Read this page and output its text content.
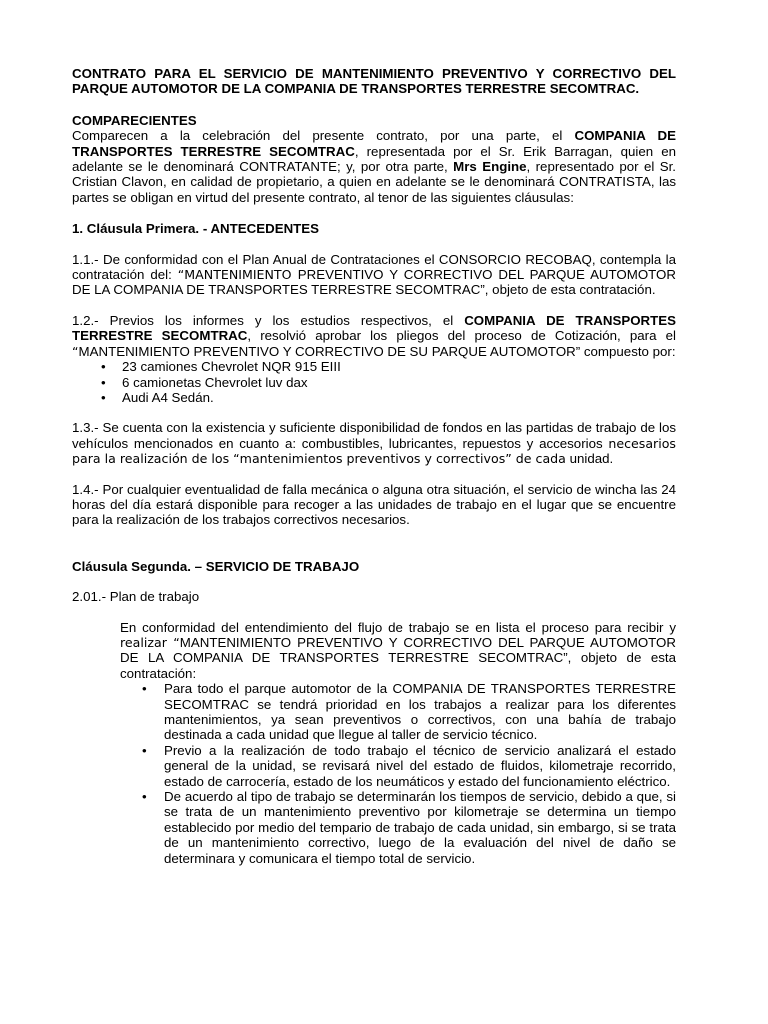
CONTRATO PARA EL SERVICIO DE MANTENIMIENTO PREVENTIVO Y CORRECTIVO DEL PARQUE AUTOMOTOR DE LA COMPANIA DE TRANSPORTES TERRESTRE SECOMTRAC.

COMPARECIENTES

Comparecen a la celebración del presente contrato, por una parte, el COMPANIA DE TRANSPORTES TERRESTRE SECOMTRAC, representada por el Sr. Erik Barragan, quien en adelante se le denominará CONTRATANTE; y, por otra parte, Mrs Engine, representado por el Sr. Cristian Clavon, en calidad de propietario, a quien en adelante se le denominará CONTRATISTA, las partes se obligan en virtud del presente contrato, al tenor de las siguientes cláusulas:

1. Cláusula Primera. - ANTECEDENTES

1.1.- De conformidad con el Plan Anual de Contrataciones el CONSORCIO RECOBAQ, contempla la contratación del: “MANTENIMIENTO PREVENTIVO Y CORRECTIVO DEL PARQUE AUTOMOTOR DE LA COMPANIA DE TRANSPORTES TERRESTRE SECOMTRAC”, objeto de esta contratación.

1.2.- Previos los informes y los estudios respectivos, el COMPANIA DE TRANSPORTES TERRESTRE SECOMTRAC, resolvió aprobar los pliegos del proceso de Cotización, para el “MANTENIMIENTO PREVENTIVO Y CORRECTIVO DE SU PARQUE AUTOMOTOR” compuesto por:

• 23 camiones Chevrolet NQR 915 EIII
• 6 camionetas Chevrolet luv dax
• Audi A4 Sedán.

1.3.- Se cuenta con la existencia y suficiente disponibilidad de fondos en las partidas de trabajo de los vehículos mencionados en cuanto a: combustibles, lubricantes, repuestos y accesorios necesarios para la realización de los “mantenimientos preventivos y correctivos” de cada unidad.

1.4.- Por cualquier eventualidad de falla mecánica o alguna otra situación, el servicio de wincha las 24 horas del día estará disponible para recoger a las unidades de trabajo en el lugar que se encuentre para la realización de los trabajos correctivos necesarios.

Cláusula Segunda. – SERVICIO DE TRABAJO

2.01.- Plan de trabajo

En conformidad del entendimiento del flujo de trabajo se en lista el proceso para recibir y realizar “MANTENIMIENTO PREVENTIVO Y CORRECTIVO DEL PARQUE AUTOMOTOR DE LA COMPANIA DE TRANSPORTES TERRESTRE SECOMTRAC”, objeto de esta contratación:

• Para todo el parque automotor de la COMPANIA DE TRANSPORTES TERRESTRE SECOMTRAC se tendrá prioridad en los trabajos a realizar para los diferentes mantenimientos, ya sean preventivos o correctivos, con una bahía de trabajo destinada a cada unidad que llegue al taller de servicio técnico.
• Previo a la realización de todo trabajo el técnico de servicio analizará el estado general de la unidad, se revisará nivel del estado de fluidos, kilometraje recorrido, estado de carrocería, estado de los neumáticos y estado del funcionamiento eléctrico.
• De acuerdo al tipo de trabajo se determinarán los tiempos de servicio, debido a que, si se trata de un mantenimiento preventivo por kilometraje se determina un tiempo establecido por medio del tempario de trabajo de cada unidad, sin embargo, si se trata de un mantenimiento correctivo, luego de la evaluación del nivel de daño se determinara y comunicara el tiempo total de servicio.
